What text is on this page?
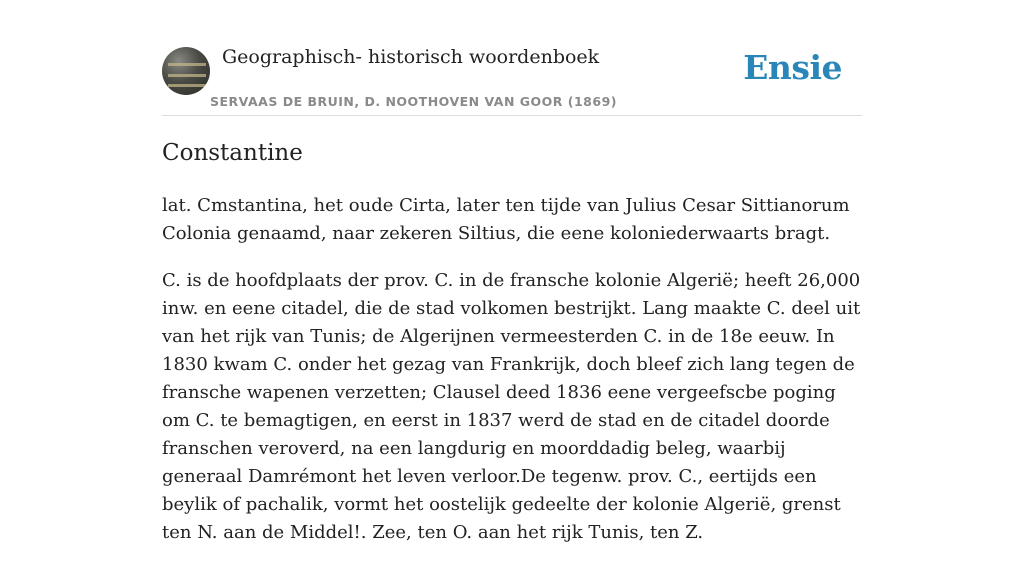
Geographisch- historisch woordenboek
SERVAAS DE BRUIN, D. NOOTHOVEN VAN GOOR (1869)
Ensie
Constantine

lat. Cmstantina, het oude Cirta, later ten tijde van Julius Cesar Sittianorum Colonia genaamd, naar zekeren Siltius, die eene koloniederwaarts bragt.

C. is de hoofdplaats der prov. C. in de fransche kolonie Algerië; heeft 26,000 inw. en eene citadel, die de stad volkomen bestrijkt. Lang maakte C. deel uit van het rijk van Tunis; de Algerijnen vermeesterden C. in de 18e eeuw. In 1830 kwam C. onder het gezag van Frankrijk, doch bleef zich lang tegen de fransche wapenen verzetten; Clausel deed 1836 eene vergeefscbe poging om C. te bemagtigen, en eerst in 1837 werd de stad en de citadel doorde franschen veroverd, na een langdurig en moorddadig beleg, waarbij generaal Damrémont het leven verloor.De tegenw. prov. C., eertijds een beylik of pachalik, vormt het oostelijk gedeelte der kolonie Algerië, grenst ten N. aan de Middel!. Zee, ten O. aan het rijk Tunis, ten Z.
